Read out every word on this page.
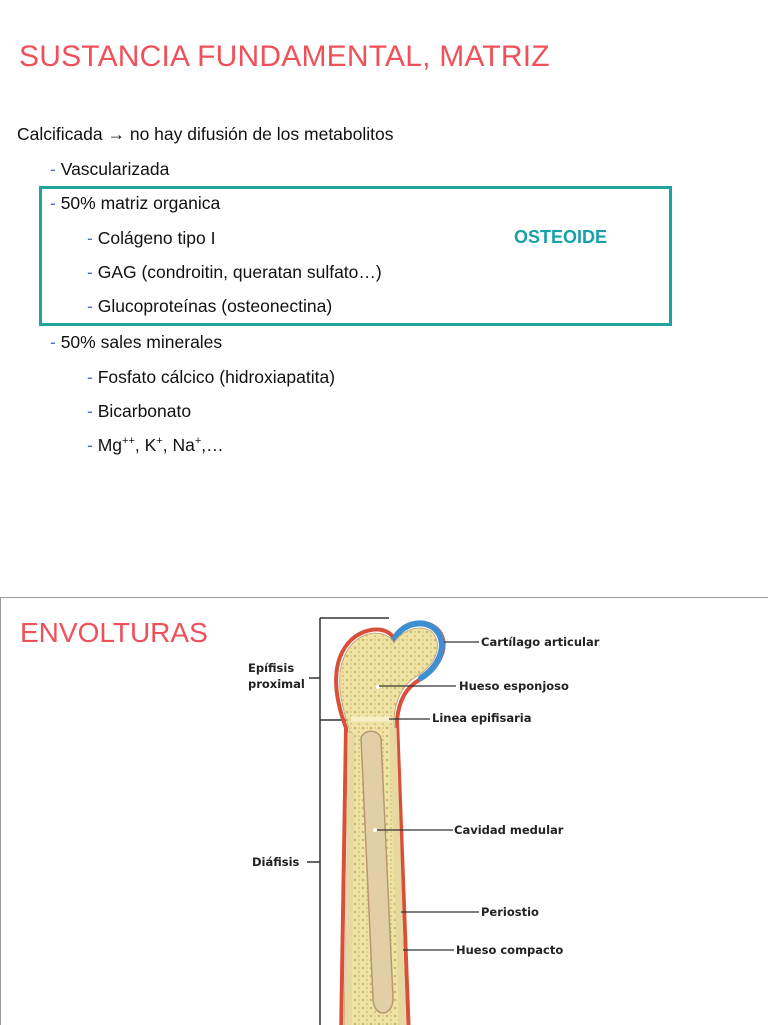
SUSTANCIA FUNDAMENTAL, MATRIZ
Calcificada → no hay difusión de los metabolitos
- Vascularizada
- 50% matriz organica
- Colágeno tipo I
- GAG (condroitin, queratan sulfato…)
- Glucoproteínas (osteonectina)
OSTEOIDE
- 50% sales minerales
- Fosfato cálcico (hidroxiapatita)
- Bicarbonato
- Mg++, K+, Na+,…
ENVOLTURAS
Epífisis
proximal
Diáfisis
Cartílago articular
Hueso esponjoso
Linea epifisaria
Cavidad medular
Periostio
Hueso compacto
